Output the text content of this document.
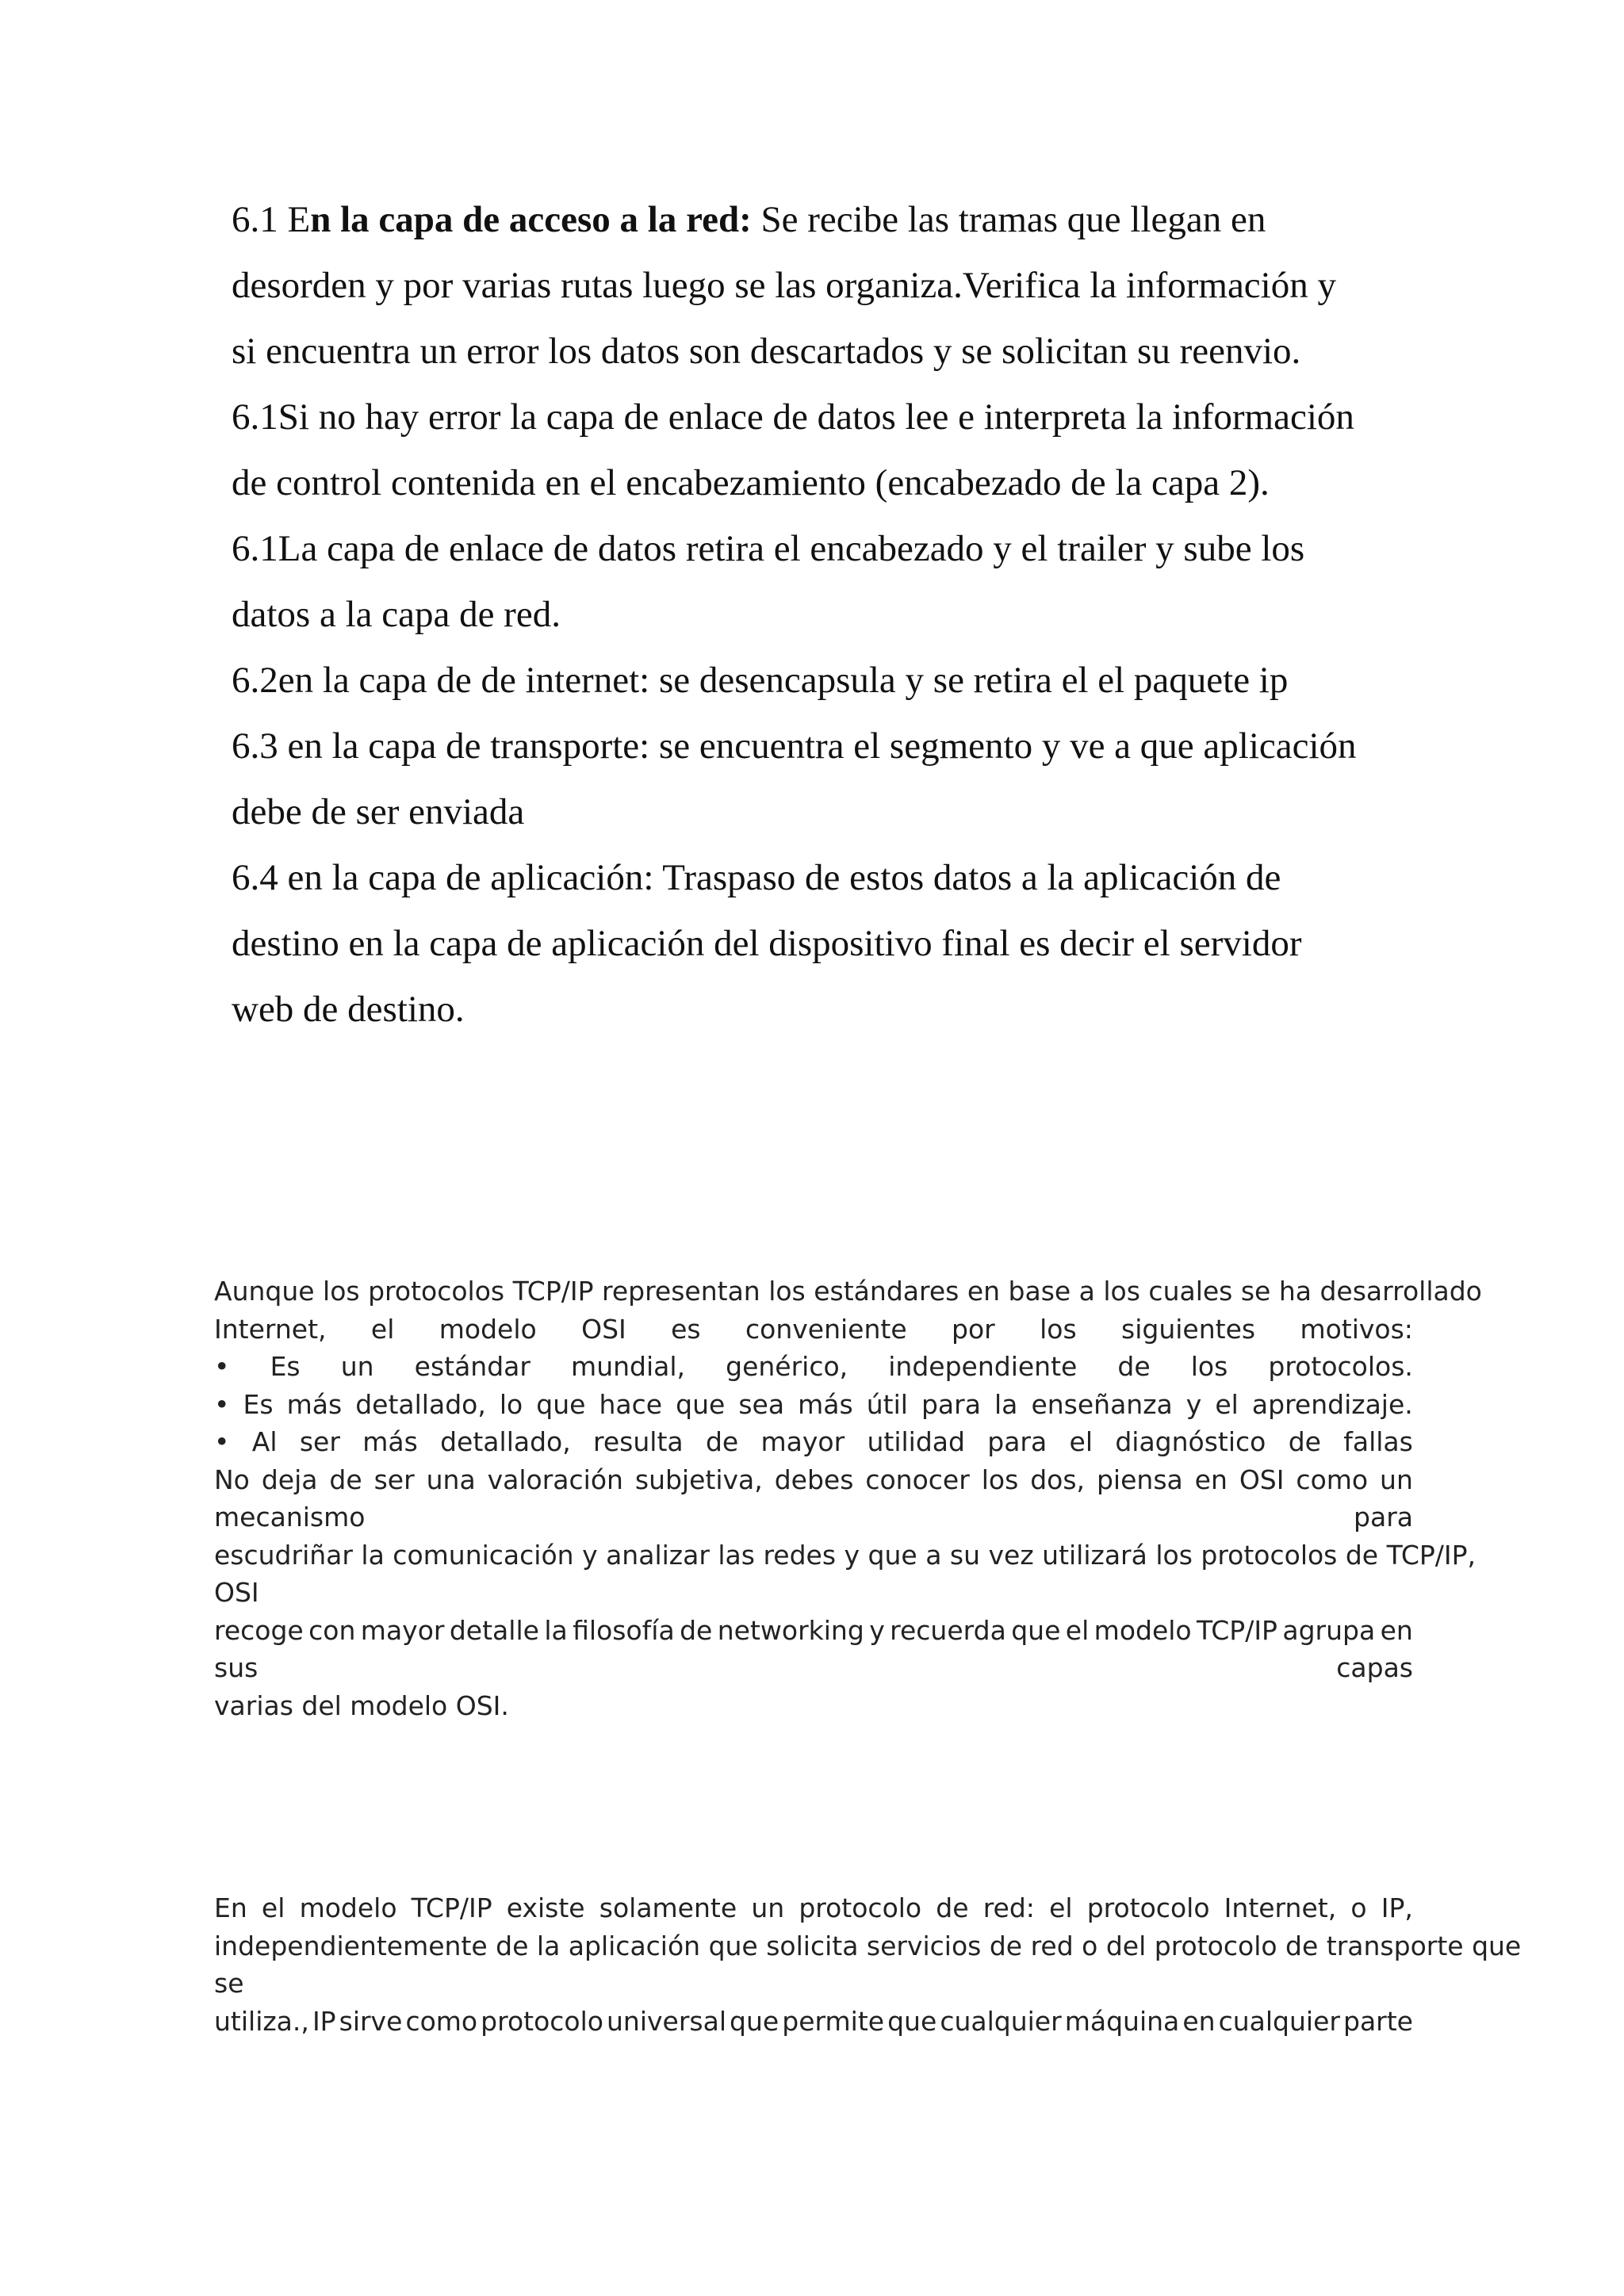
6.1 En la capa de acceso a la red: Se recibe las tramas que llegan en
desorden y por varias rutas luego se las organiza.Verifica la información y
si encuentra un error los datos son descartados y se solicitan su reenvio.
6.1Si no hay error la capa de enlace de datos lee e interpreta la información
de control contenida en el encabezamiento (encabezado de la capa 2).
6.1La capa de enlace de datos retira el encabezado y el trailer y sube los
datos a la capa de red.
6.2en la capa de de internet: se desencapsula y se retira el el paquete ip
6.3 en la capa de transporte: se encuentra el segmento y ve a que aplicación
debe de ser enviada
6.4 en la capa de aplicación: Traspaso de estos datos a la aplicación de
destino en la capa de aplicación del dispositivo final es decir el servidor
web de destino.
Aunque los protocolos TCP/IP representan los estándares en base a los cuales se ha desarrollado
Internet, el modelo OSI es conveniente por los siguientes motivos:
• Es un estándar mundial, genérico, independiente de los protocolos.
• Es más detallado, lo que hace que sea más útil para la enseñanza y el aprendizaje.
• Al ser más detallado, resulta de mayor utilidad para el diagnóstico de fallas
No deja de ser una valoración subjetiva, debes conocer los dos, piensa en OSI como un
mecanismo	para
escudriñar la comunicación y analizar las redes y que a su vez utilizará los protocolos de TCP/IP,
OSI
recoge con mayor detalle la filosofía de networking y recuerda que el modelo TCP/IP agrupa en
sus	capas
varias del modelo OSI.
En el modelo TCP/IP existe solamente un protocolo de red: el protocolo Internet, o IP,
independientemente de la aplicación que solicita servicios de red o del protocolo de transporte que
se
utiliza., IP sirve como protocolo universal que permite que cualquier máquina en cualquier parte
